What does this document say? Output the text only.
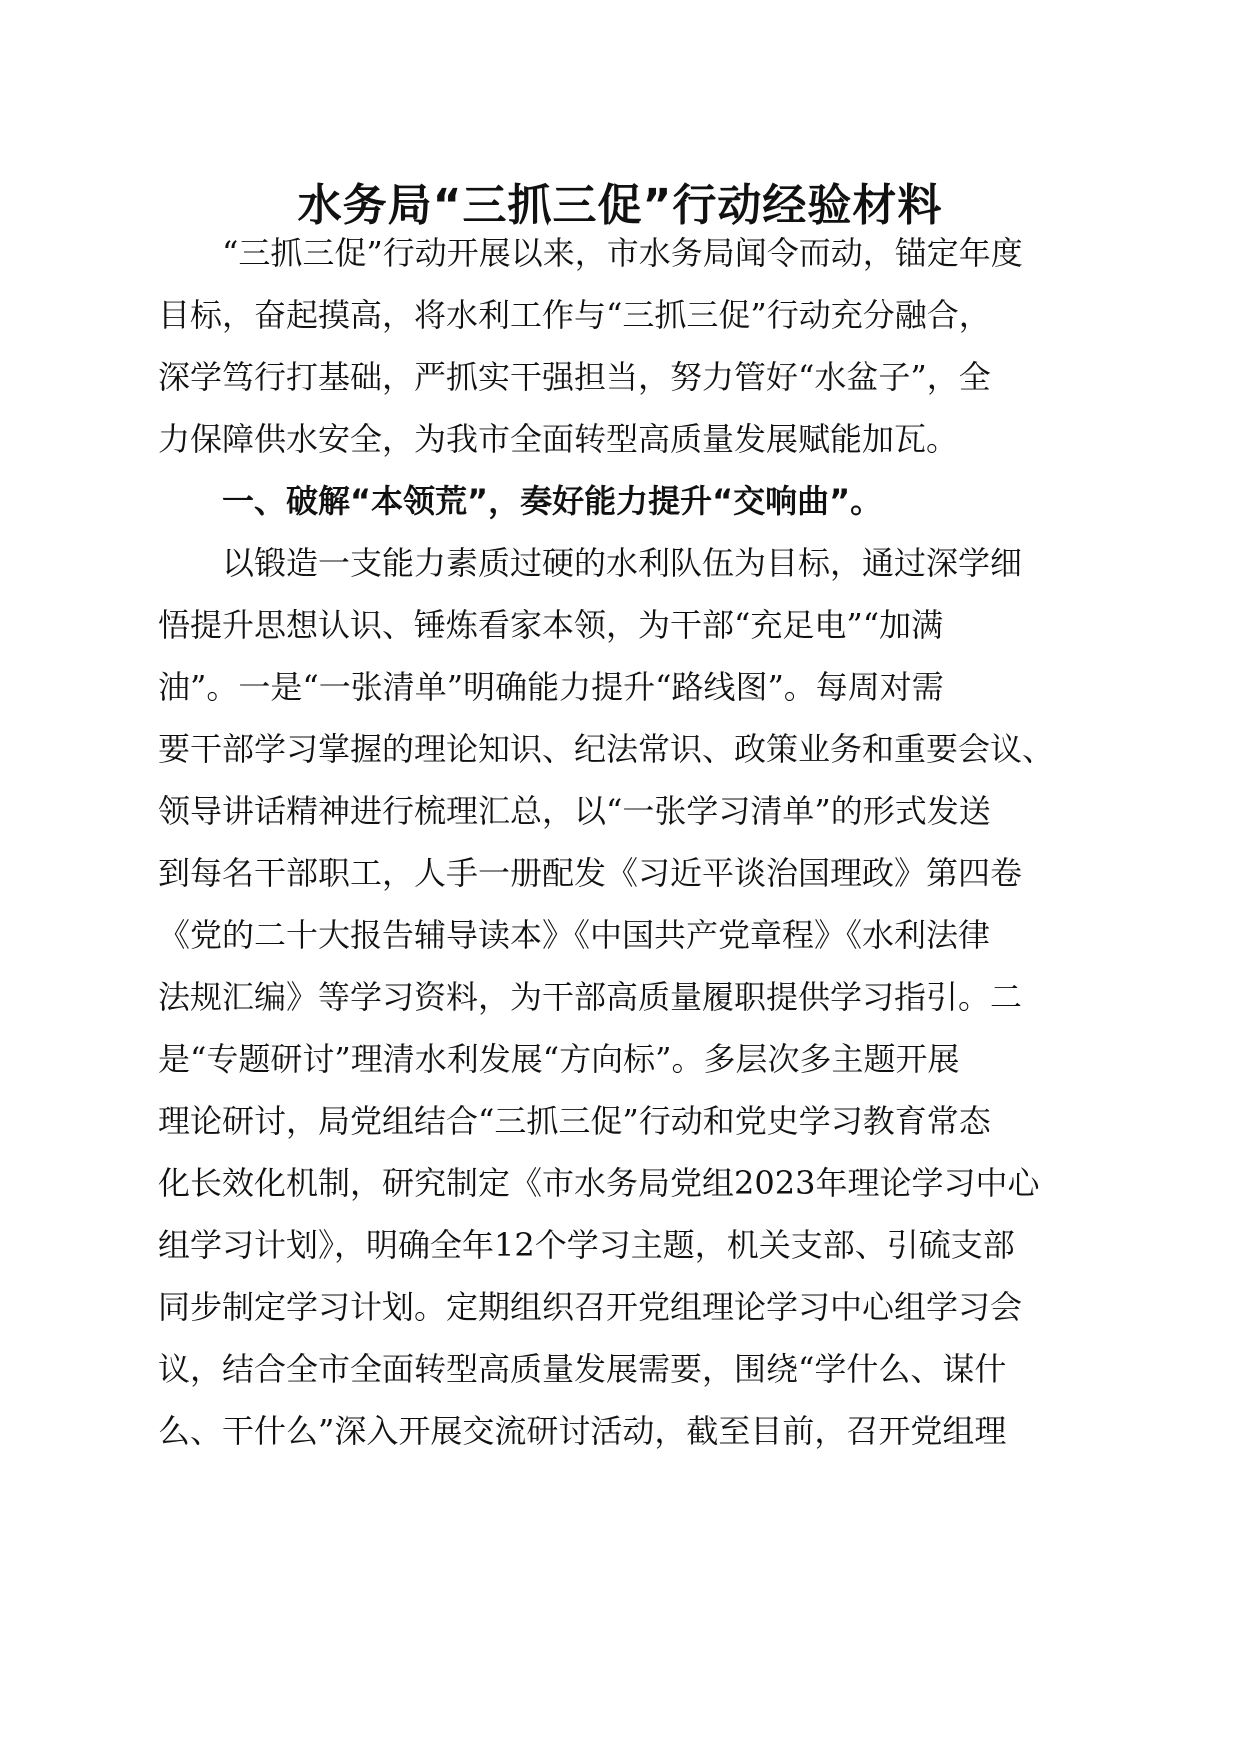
水务局“三抓三促”行动经验材料
“三抓三促”行动开展以来，市水务局闻令而动，锚定年度
目标，奋起摸高，将水利工作与“三抓三促”行动充分融合，
深学笃行打基础，严抓实干强担当，努力管好“水盆子”，全
力保障供水安全，为我市全面转型高质量发展赋能加瓦。
一、破解“本领荒”，奏好能力提升“交响曲”。
以锻造一支能力素质过硬的水利队伍为目标，通过深学细
悟提升思想认识、锤炼看家本领，为干部“充足电”“加满
油”。一是“一张清单”明确能力提升“路线图”。每周对需
要干部学习掌握的理论知识、纪法常识、政策业务和重要会议、
领导讲话精神进行梳理汇总，以“一张学习清单”的形式发送
到每名干部职工，人手一册配发《习近平谈治国理政》第四卷
《党的二十大报告辅导读本》《中国共产党章程》《水利法律
法规汇编》等学习资料，为干部高质量履职提供学习指引。二
是“专题研讨”理清水利发展“方向标”。多层次多主题开展
理论研讨，局党组结合“三抓三促”行动和党史学习教育常态
化长效化机制，研究制定《市水务局党组2023年理论学习中心
组学习计划》，明确全年12个学习主题，机关支部、引硫支部
同步制定学习计划。定期组织召开党组理论学习中心组学习会
议，结合全市全面转型高质量发展需要，围绕“学什么、谋什
么、干什么”深入开展交流研讨活动，截至目前，召开党组理
